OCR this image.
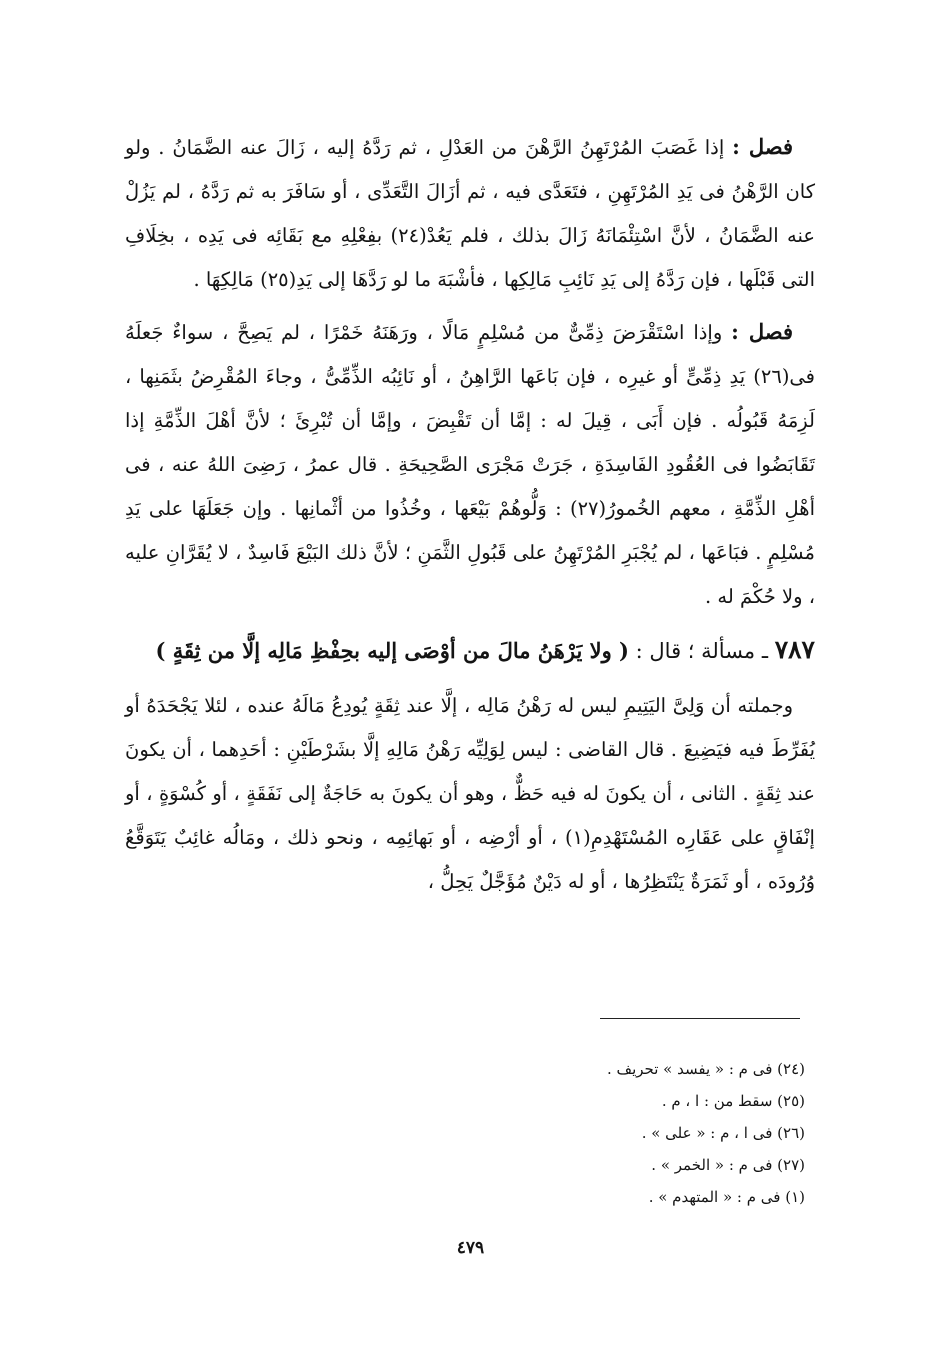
فصل : إذا غَصَبَ المُرْتَهِنُ الرَّهْنَ من العَدْلِ ، ثم رَدَّهُ إليه ، زَالَ عنه الضَّمَانُ . ولو كان الرَّهْنُ فى يَدِ المُرْتَهِنِ ، فتَعَدَّى فيه ، ثم أزَالَ التَّعَدِّى ، أو سَافَرَ به ثم رَدَّهُ ، لم يَزُلْ عنه الضَّمَانُ ، لأنَّ اسْتِئْمَانَهُ زَالَ بذلك ، فلم يَعُدْ(٢٤) بفِعْلِهِ مع بَقَائِه فى يَدِه ، بخِلَافِ التى قَبْلَها ، فإن رَدَّهُ إلى يَدِ نَائِبِ مَالِكِها ، فأشْبَهَ ما لو رَدَّهَا إلى يَدِ(٢٥) مَالِكِهَا .

فصل : وإذا اسْتَقْرَضَ ذِمِّىٌّ من مُسْلِمٍ مَالًا ، ورَهَنَهُ خَمْرًا ، لم يَصِحَّ ، سواءٌ جَعلَهُ فى(٢٦) يَدِ ذِمِّىٍّ أو غيرِه ، فإن بَاعَها الرَّاهِنُ ، أو نَائِبُه الذِّمِّىُّ ، وجاءَ المُقْرِضُ بثَمَنِها ، لَزِمَهُ قَبُولُه . فإن أَبَى ، قِيلَ له : إمَّا أن تَقْبِضَ ، وإمَّا أن تُبْرِئَ ؛ لأنَّ أهْلَ الذِّمَّةِ إذا تَقَابَضُوا فى العُقُودِ الفَاسِدَةِ ، جَرَتْ مَجْرَى الصَّحِيحَةِ . قال عمرُ ، رَضِىَ اللهُ عنه ، فى أهْلِ الذِّمَّةِ ، معهم الخُمورُ(٢٧) : وَلُّوهُمْ بَيْعَها ، وخُذُوا من أثْمانِها . وإن جَعَلَهَا على يَدِ مُسْلِمٍ . فبَاعَها ، لم يُجْبَرِ المُرْتَهِنُ على قَبُولِ الثَّمَنِ ؛ لأنَّ ذلك البَيْعَ فَاسِدٌ ، لا يُقَرَّانِ عليه ، ولا حُكْمَ له .

٧٨٧ ـ مسألة ؛ قال : ( ولا يَرْهَنُ مالَ من أوْصَى إليه بحِفْظِ مَالِه إلَّا من ثِقَةٍ )

وجملته أن وَلِىَّ اليَتِيمِ ليس له رَهْنُ مَالِه ، إلَّا عند ثِقَةٍ يُودِعُ مَالَهُ عنده ، لئلا يَجْحَدَهُ أو يُفَرِّطَ فيه فيَضِيعَ . قال القاضى : ليس لِوَلِيِّه رَهْنُ مَالِهِ إلَّا بشَرْطَيْنِ : أحَدِهما ، أن يكونَ عند ثِقَةٍ . الثانى ، أن يكونَ له فيه حَظٌّ ، وهو أن يكونَ به حَاجَةٌ إلى نَفَقَةٍ ، أو كُسْوَةٍ ، أو إنْفَاقٍ على عَقَارِه المُسْتَهْدِمِ(١) ، أو أرْضِه ، أو بَهائِمِه ، ونحو ذلك ، ومَالُه غائِبٌ يَتَوَقَّعُ وُرُودَه ، أو ثَمَرَةٌ يَنْتَظِرُها ، أو له دَيْنٌ مُؤَجَّلٌ يَحِلُّ ،

(٢٤) فى م : « يفسد » تحريف .

(٢٥) سقط من : ا ، م .

(٢٦) فى ا ، م : « على » .

(٢٧) فى م : « الخمر » .

(١) فى م : « المتهدم » .

٤٧٩
